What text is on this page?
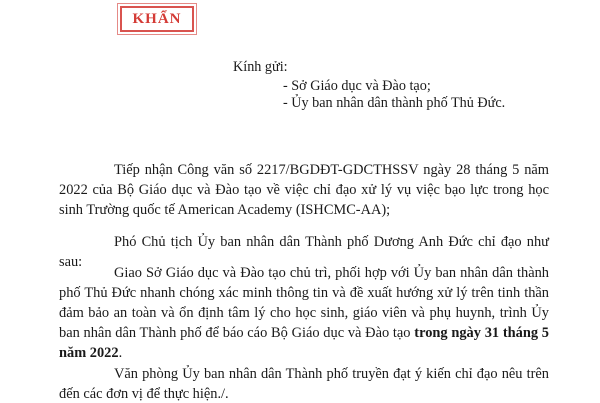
KHẨN
Kính gửi:
- Sở Giáo dục và Đào tạo;
- Ủy ban nhân dân thành phố Thủ Đức.
Tiếp nhận Công văn số 2217/BGDĐT-GDCTHSSV ngày 28 tháng 5 năm 2022 của Bộ Giáo dục và Đào tạo về việc chỉ đạo xử lý vụ việc bạo lực trong học sinh Trường quốc tế American Academy (ISHCMC-AA);
Phó Chủ tịch Ủy ban nhân dân Thành phố Dương Anh Đức chỉ đạo như sau:
Giao Sở Giáo dục và Đào tạo chủ trì, phối hợp với Ủy ban nhân dân thành phố Thủ Đức nhanh chóng xác minh thông tin và đề xuất hướng xử lý trên tinh thần đảm bảo an toàn và ổn định tâm lý cho học sinh, giáo viên và phụ huynh, trình Ủy ban nhân dân Thành phố để báo cáo Bộ Giáo dục và Đào tạo trong ngày 31 tháng 5 năm 2022.
Văn phòng Ủy ban nhân dân Thành phố truyền đạt ý kiến chỉ đạo nêu trên đến các đơn vị để thực hiện./.
